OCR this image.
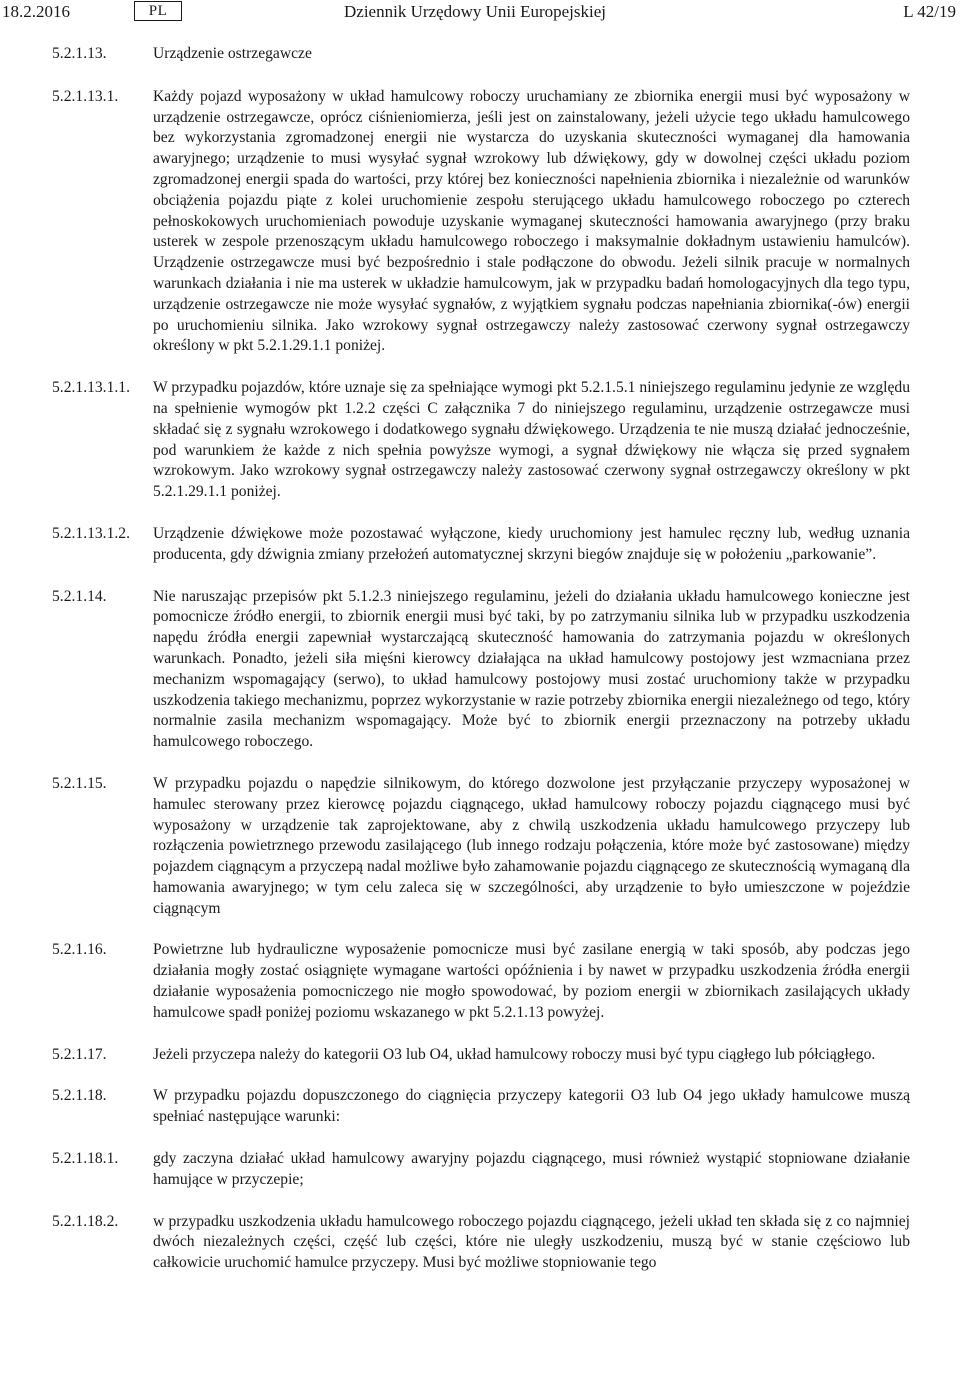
18.2.2016	PL	Dziennik Urzędowy Unii Europejskiej	L 42/19
5.2.1.13.	Urządzenie ostrzegawcze
5.2.1.13.1.	Każdy pojazd wyposażony w układ hamulcowy roboczy uruchamiany ze zbiornika energii musi być wyposażony w urządzenie ostrzegawcze, oprócz ciśnieniomierza, jeśli jest on zainstalowany, jeżeli użycie tego układu hamulcowego bez wykorzystania zgromadzonej energii nie wystarcza do uzyskania skuteczności wymaganej dla hamowania awaryjnego; urządzenie to musi wysyłać sygnał wzrokowy lub dźwiękowy, gdy w dowolnej części układu poziom zgromadzonej energii spada do wartości, przy której bez konieczności napełnienia zbiornika i niezależnie od warunków obciążenia pojazdu piąte z kolei uruchomienie zespołu sterującego układu hamulcowego roboczego po czterech pełnoskokowych uruchomieniach powoduje uzyskanie wymaganej skuteczności hamowania awaryjnego (przy braku usterek w zespole przenoszącym układu hamulcowego roboczego i maksymalnie dokładnym ustawieniu hamulców). Urządzenie ostrzegawcze musi być bezpośrednio i stale podłączone do obwodu. Jeżeli silnik pracuje w normalnych warunkach działania i nie ma usterek w układzie hamulcowym, jak w przypadku badań homologacyjnych dla tego typu, urządzenie ostrzegawcze nie może wysyłać sygnałów, z wyjątkiem sygnału podczas napełniania zbiornika(-ów) energii po uruchomieniu silnika. Jako wzrokowy sygnał ostrzegawczy należy zastosować czerwony sygnał ostrzegawczy określony w pkt 5.2.1.29.1.1 poniżej.
5.2.1.13.1.1.	W przypadku pojazdów, które uznaje się za spełniające wymogi pkt 5.2.1.5.1 niniejszego regulaminu jedynie ze względu na spełnienie wymogów pkt 1.2.2 części C załącznika 7 do niniejszego regulaminu, urządzenie ostrzegawcze musi składać się z sygnału wzrokowego i dodatkowego sygnału dźwiękowego. Urządzenia te nie muszą działać jednocześnie, pod warunkiem że każde z nich spełnia powyższe wymogi, a sygnał dźwiękowy nie włącza się przed sygnałem wzrokowym. Jako wzrokowy sygnał ostrzegawczy należy zastosować czerwony sygnał ostrzegawczy określony w pkt 5.2.1.29.1.1 poniżej.
5.2.1.13.1.2.	Urządzenie dźwiękowe może pozostawać wyłączone, kiedy uruchomiony jest hamulec ręczny lub, według uznania producenta, gdy dźwignia zmiany przełożeń automatycznej skrzyni biegów znajduje się w położeniu „parkowanie”.
5.2.1.14.	Nie naruszając przepisów pkt 5.1.2.3 niniejszego regulaminu, jeżeli do działania układu hamulcowego konieczne jest pomocnicze źródło energii, to zbiornik energii musi być taki, by po zatrzymaniu silnika lub w przypadku uszkodzenia napędu źródła energii zapewniał wystarczającą skuteczność hamowania do zatrzymania pojazdu w określonych warunkach. Ponadto, jeżeli siła mięśni kierowcy działająca na układ hamulcowy postojowy jest wzmacniana przez mechanizm wspomagający (serwo), to układ hamulcowy postojowy musi zostać uruchomiony także w przypadku uszkodzenia takiego mechanizmu, poprzez wykorzystanie w razie potrzeby zbiornika energii niezależnego od tego, który normalnie zasila mechanizm wspomagający. Może być to zbiornik energii przeznaczony na potrzeby układu hamulcowego roboczego.
5.2.1.15.	W przypadku pojazdu o napędzie silnikowym, do którego dozwolone jest przyłączanie przyczepy wyposażonej w hamulec sterowany przez kierowcę pojazdu ciągnącego, układ hamulcowy roboczy pojazdu ciągnącego musi być wyposażony w urządzenie tak zaprojektowane, aby z chwilą uszkodzenia układu hamulcowego przyczepy lub rozłączenia powietrznego przewodu zasilającego (lub innego rodzaju połączenia, które może być zastosowane) między pojazdem ciągnącym a przyczepą nadal możliwe było zahamowanie pojazdu ciągnącego ze skutecznością wymaganą dla hamowania awaryjnego; w tym celu zaleca się w szczególności, aby urządzenie to było umieszczone w pojeździe ciągnącym
5.2.1.16.	Powietrzne lub hydrauliczne wyposażenie pomocnicze musi być zasilane energią w taki sposób, aby podczas jego działania mogły zostać osiągnięte wymagane wartości opóźnienia i by nawet w przypadku uszkodzenia źródła energii działanie wyposażenia pomocniczego nie mogło spowodować, by poziom energii w zbiornikach zasilających układy hamulcowe spadł poniżej poziomu wskazanego w pkt 5.2.1.13 powyżej.
5.2.1.17.	Jeżeli przyczepa należy do kategorii O3 lub O4, układ hamulcowy roboczy musi być typu ciągłego lub półciągłego.
5.2.1.18.	W przypadku pojazdu dopuszczonego do ciągnięcia przyczepy kategorii O3 lub O4 jego układy hamulcowe muszą spełniać następujące warunki:
5.2.1.18.1.	gdy zaczyna działać układ hamulcowy awaryjny pojazdu ciągnącego, musi również wystąpić stopniowane działanie hamujące w przyczepie;
5.2.1.18.2.	w przypadku uszkodzenia układu hamulcowego roboczego pojazdu ciągnącego, jeżeli układ ten składa się z co najmniej dwóch niezależnych części, część lub części, które nie uległy uszkodzeniu, muszą być w stanie częściowo lub całkowicie uruchomić hamulce przyczepy. Musi być możliwe stopniowanie tego
